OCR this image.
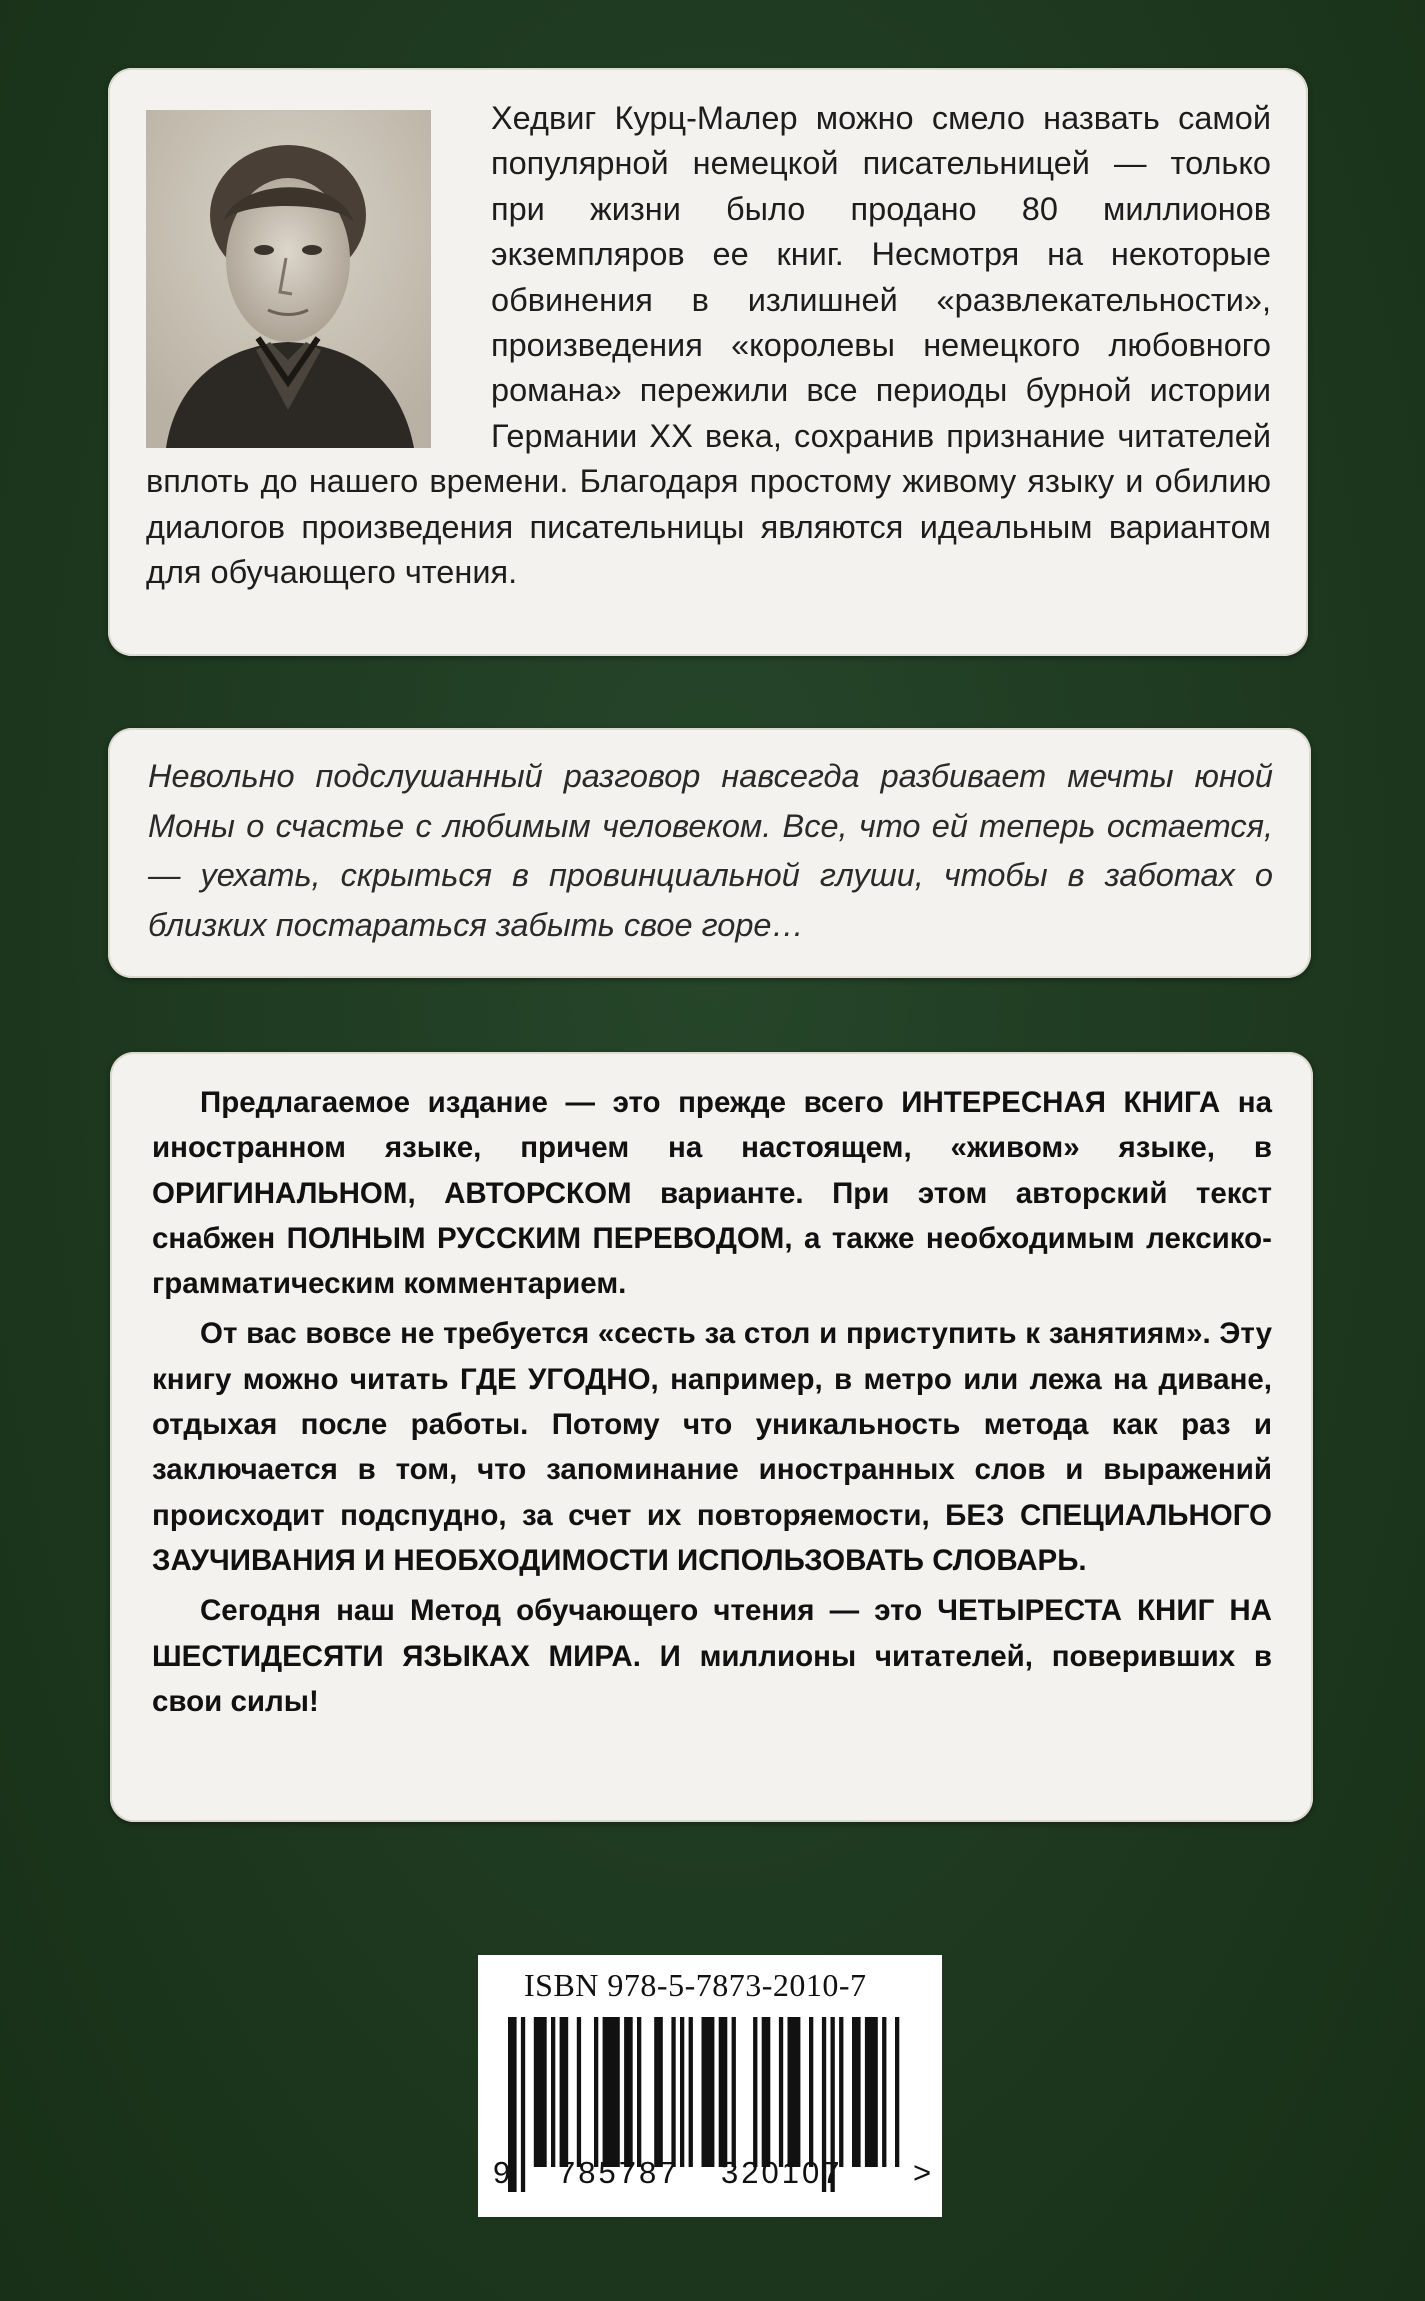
Хедвиг Курц-Малер можно смело назвать самой популярной немецкой писательницей — только при жизни было продано 80 миллионов экземпляров ее книг. Несмотря на некоторые обвинения в излишней «развлекательности», произведения «королевы немецкого любовного романа» пережили все периоды бурной истории Германии XX века, сохранив признание читателей вплоть до нашего времени. Благодаря простому живому языку и обилию диалогов произведения писательницы являются идеальным вариантом для обучающего чтения.
Невольно подслушанный разговор навсегда разбивает мечты юной Моны о счастье с любимым человеком. Все, что ей теперь остается, — уехать, скрыться в провинциальной глуши, чтобы в заботах о близких постараться забыть свое горе…

Предлагаемое издание — это прежде всего ИНТЕРЕСНАЯ КНИГА на иностранном языке, причем на настоящем, «живом» языке, в ОРИГИНАЛЬНОМ, АВТОРСКОМ варианте. При этом авторский текст снабжен ПОЛНЫМ РУССКИМ ПЕРЕВОДОМ, а также необходимым лексико-грамматическим комментарием.

От вас вовсе не требуется «сесть за стол и приступить к занятиям». Эту книгу можно читать ГДЕ УГОДНО, например, в метро или лежа на диване, отдыхая после работы. Потому что уникальность метода как раз и заключается в том, что запоминание иностранных слов и выражений происходит подспудно, за счет их повторяемости, БЕЗ СПЕЦИАЛЬНОГО ЗАУЧИВАНИЯ И НЕОБХОДИМОСТИ ИСПОЛЬЗОВАТЬ СЛОВАРЬ.

Сегодня наш Метод обучающего чтения — это ЧЕТЫРЕСТА КНИГ НА ШЕСТИДЕСЯТИ ЯЗЫКАХ МИРА. И миллионы читателей, поверивших в свои силы!

ISBN 978-5-7873-2010-7
9 785787 320107 >
